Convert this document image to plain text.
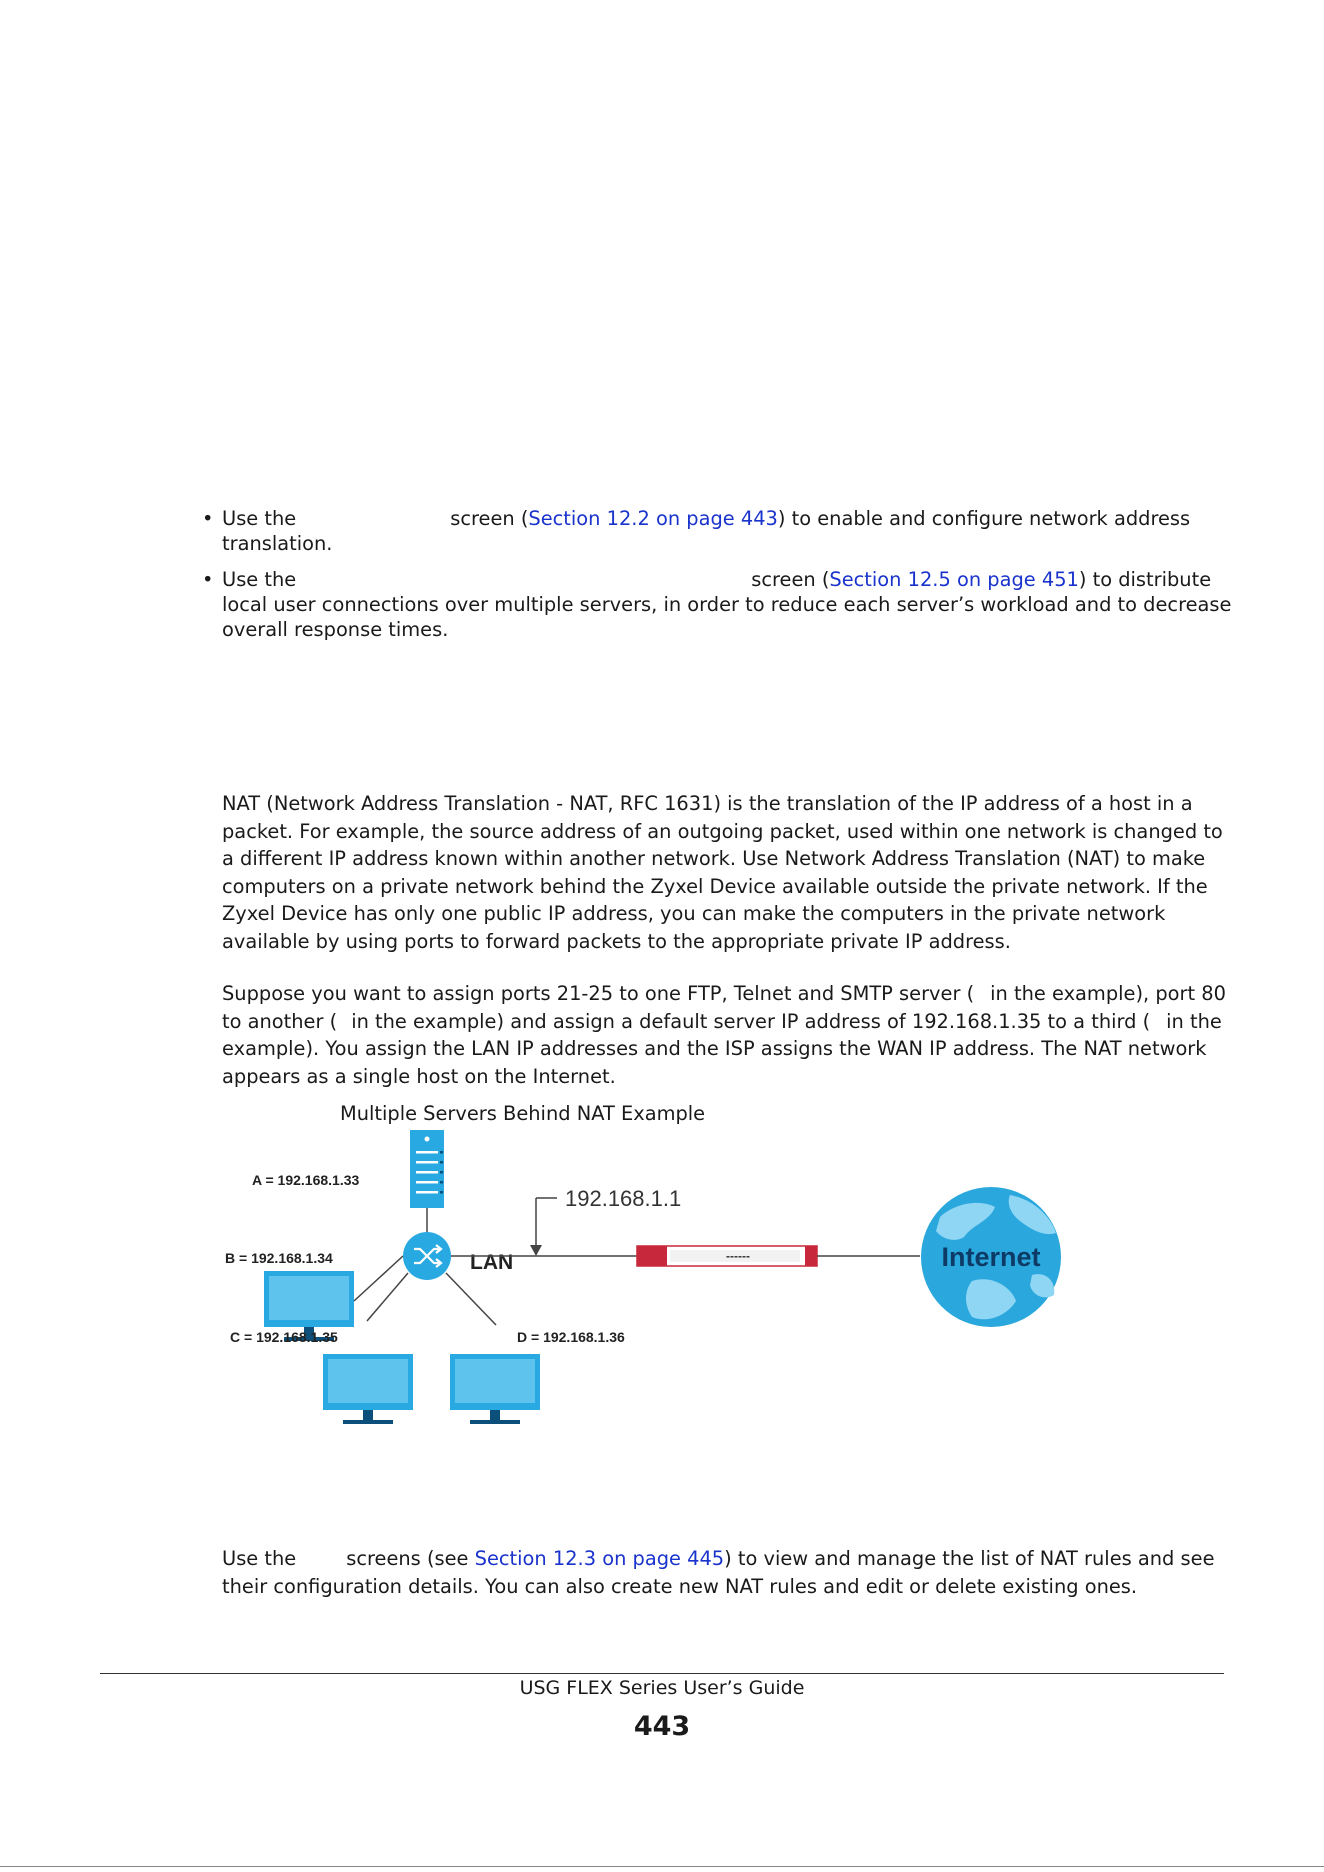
• Use the	screen (Section 12.2 on page 443) to enable and configure network address translation.
• Use the	screen (Section 12.5 on page 451) to distribute local user connections over multiple servers, in order to reduce each server’s workload and to decrease overall response times.
NAT (Network Address Translation - NAT, RFC 1631) is the translation of the IP address of a host in a packet. For example, the source address of an outgoing packet, used within one network is changed to a different IP address known within another network. Use Network Address Translation (NAT) to make computers on a private network behind the Zyxel Device available outside the private network. If the Zyxel Device has only one public IP address, you can make the computers in the private network available by using ports to forward packets to the appropriate private IP address.
Suppose you want to assign ports 21-25 to one FTP, Telnet and SMTP server ( in the example), port 80 to another ( in the example) and assign a default server IP address of 192.168.1.35 to a third ( in the example). You assign the LAN IP addresses and the ISP assigns the WAN IP address. The NAT network appears as a single host on the Internet.
Multiple Servers Behind NAT Example
A = 192.168.1.33
LAN
B = 192.168.1.34
C = 192.168.1.35	D = 192.168.1.36
192.168.1.1
------	Internet
Use the	screens (see Section 12.3 on page 445) to view and manage the list of NAT rules and see their configuration details. You can also create new NAT rules and edit or delete existing ones.
USG FLEX Series User’s Guide
443
